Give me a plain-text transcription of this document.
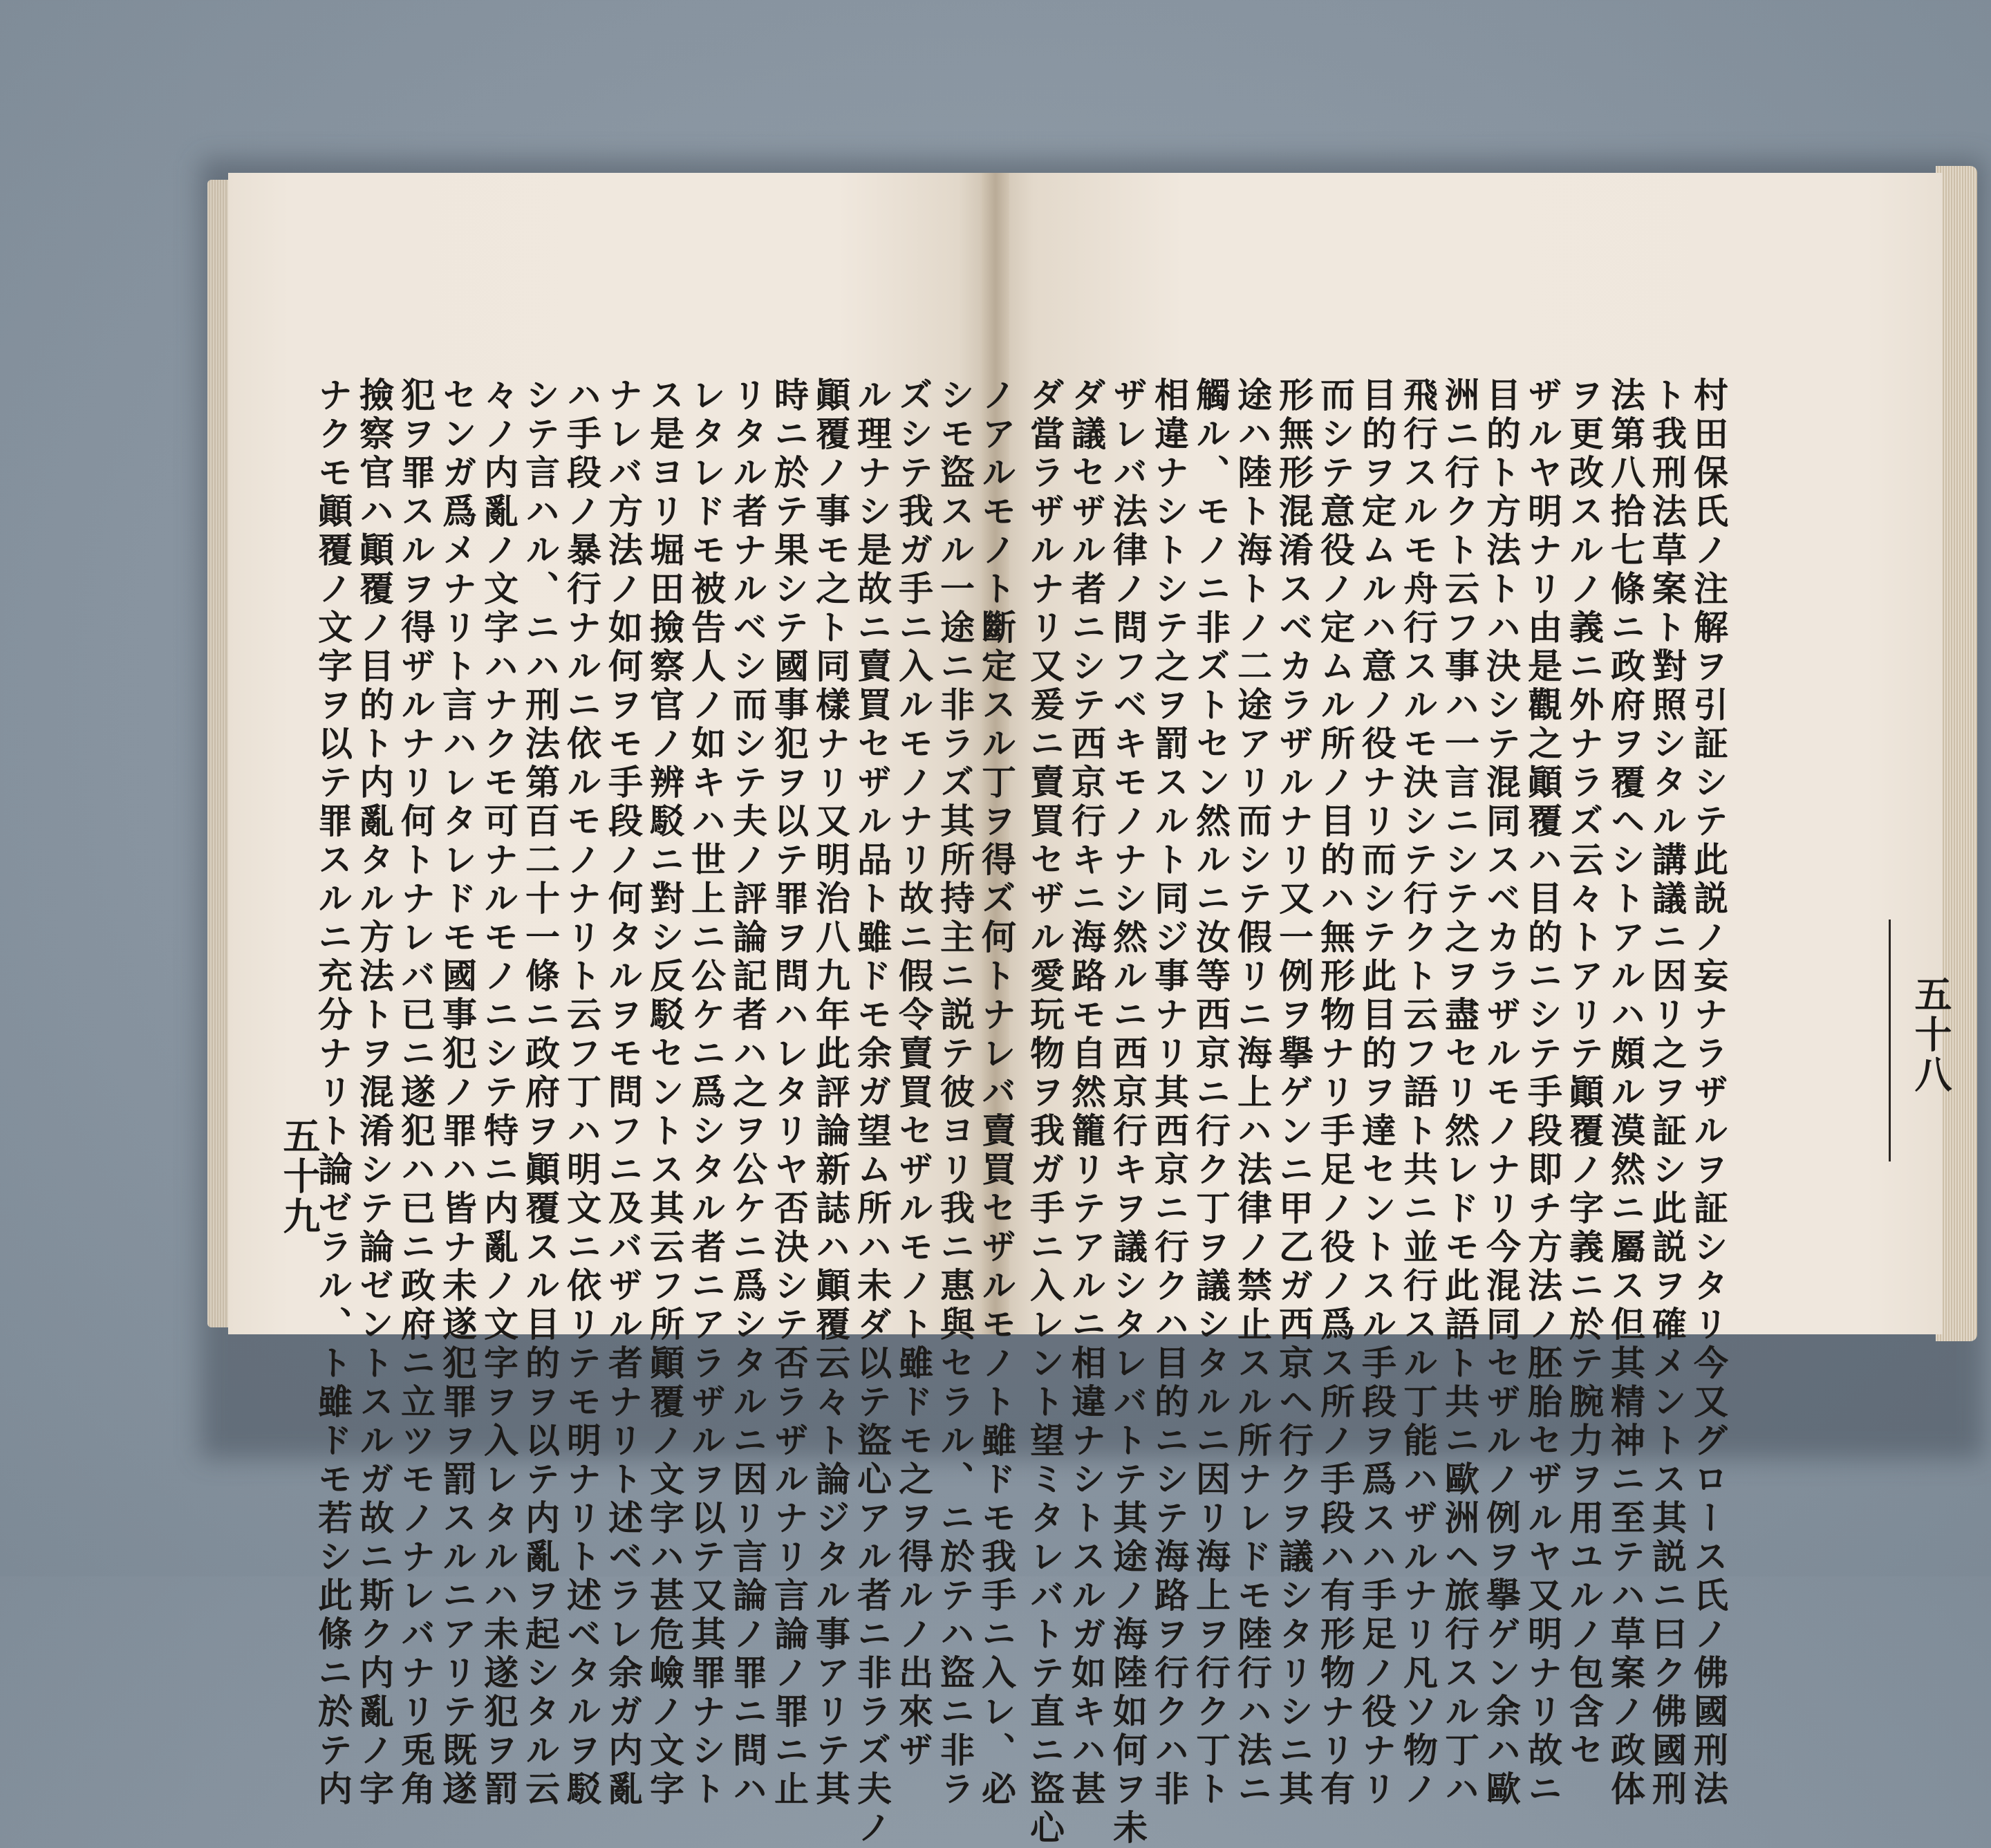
ノアルモノト斷定スル丁ヲ得ズ何トナレバ賣買セザルモノト雖ドモ我手ニ入レ、必
シモ盜スル一途ニ非ラズ其所持主ニ説テ彼ヨリ我ニ惠與セラル、ニ於テハ盜ニ非ラ
ズシテ我ガ手ニ入ルモノナリ故ニ假令賣買セザルモノト雖ドモ之ヲ得ルノ出來ザ
ル理ナシ是故ニ賣買セザル品ト雖ドモ余ガ望ム所ハ未ダ以テ盜心アル者ニ非ラズ夫ノ
顚覆ノ事モ之ト同樣ナリ又明治八九年此評論新誌ハ顚覆云々ト論ジタル事アリテ其
時ニ於テ果シテ國事犯ヲ以テ罪ヲ問ハレタリヤ否決シテ否ラザルナリ言論ノ罪ニ止
リタル者ナルベシ而シテ夫ノ評論記者ハ之ヲ公ケニ爲シタルニ因リ言論ノ罪ニ問ハ
レタレドモ被告人ノ如キハ世上ニ公ケニ爲シタル者ニアラザルヲ以テ又其罪ナシト
ス是ヨリ堀田撿察官ノ辨駁ニ對シ反駁セントス其云フ所顚覆ノ文字ハ甚危嶮ノ文字
ナレバ方法ノ如何ヲモ手段ノ何タルヲモ問フニ及バザル者ナリト述ベラレ余ガ内亂
ハ手段ノ暴行ナルニ依ルモノナリト云フ丁ハ明文ニ依リテモ明ナリト述ベタルヲ駁
シテ言ハル、ニハ刑法第百二十一條ニ政府ヲ顚覆スル目的ヲ以テ内亂ヲ起シタル云
々ノ内亂ノ文字ハナクモ可ナルモノニシテ特ニ内亂ノ文字ヲ入レタルハ未遂犯ヲ罰
センガ爲メナリト言ハレタレドモ國事犯ノ罪ハ皆ナ未遂犯罪ヲ罰スルニアリテ既遂
犯ヲ罪スルヲ得ザルナリ何トナレバ已ニ遂犯ハ已ニ政府ニ立ツモノナレバナリ兎角
撿察官ハ顚覆ノ目的ト内亂タル方法トヲ混淆シテ論ゼントスルガ故ニ斯ク内亂ノ字
ナクモ顚覆ノ文字ヲ以テ罪スルニ充分ナリト論ゼラル、ト雖ドモ若シ此條ニ於テ内
五十九	村田保氏ノ注解ヲ引証シテ此説ノ妄ナラザルヲ証シタリ今又グロース氏ノ佛國刑法
ト我刑法草案ト對照シタル講議ニ因リ之ヲ証シ此説ヲ確メントス其説ニ曰ク佛國刑
法第八拾七條ニ政府ヲ覆ヘシトアルハ頗ル漠然ニ屬ス但其精神ニ至テハ草案ノ政体
ヲ更改スルノ義ニ外ナラズ云々トアリテ顚覆ノ字義ニ於テ腕力ヲ用ユルノ包含セ
ザルヤ明ナリ由是觀之顚覆ハ目的ニシテ手段即チ方法ノ胚胎セザルヤ又明ナリ故ニ
目的ト方法トハ決シテ混同スベカラザルモノナリ今混同セザルノ例ヲ擧ゲン余ハ歐
洲ニ行クト云フ事ハ一言ニシテ之ヲ盡セリ然レドモ此語ト共ニ歐洲ヘ旅行スル丁ハ
飛行スルモ舟行スルモ決シテ行クト云フ語ト共ニ並行スル丁能ハザルナリ凡ソ物ノ
目的ヲ定ムルハ意ノ役ナリ而シテ此目的ヲ達セントスル手段ヲ爲スハ手足ノ役ナリ
而シテ意役ノ定ムル所ノ目的ハ無形物ナリ手足ノ役ノ爲ス所ノ手段ハ有形物ナリ有
形無形混淆スベカラザルナリ又一例ヲ擧ゲンニ甲乙ガ西京ヘ行クヲ議シタリシニ其
途ハ陸ト海トノ二途アリ而シテ假リニ海上ハ法律ノ禁止スル所ナレドモ陸行ハ法ニ
觸ル、モノニ非ズトセン然ルニ汝等西京ニ行ク丁ヲ議シタルニ因リ海上ヲ行ク丁ト
相違ナシトシテ之ヲ罰スルト同ジ事ナリ其西京ニ行クハ目的ニシテ海路ヲ行クハ非
ザレバ法律ノ問フベキモノナシ然ルニ西京行キヲ議シタレバトテ其途ノ海陸如何ヲ未
ダ議セザル者ニシテ西京行キニ海路モ自然籠リテアルニ相違ナシトスルガ如キハ甚
ダ當ラザルナリ又爰ニ賣買セザル愛玩物ヲ我ガ手ニ入レント望ミタレバトテ直ニ盜心	五十八
